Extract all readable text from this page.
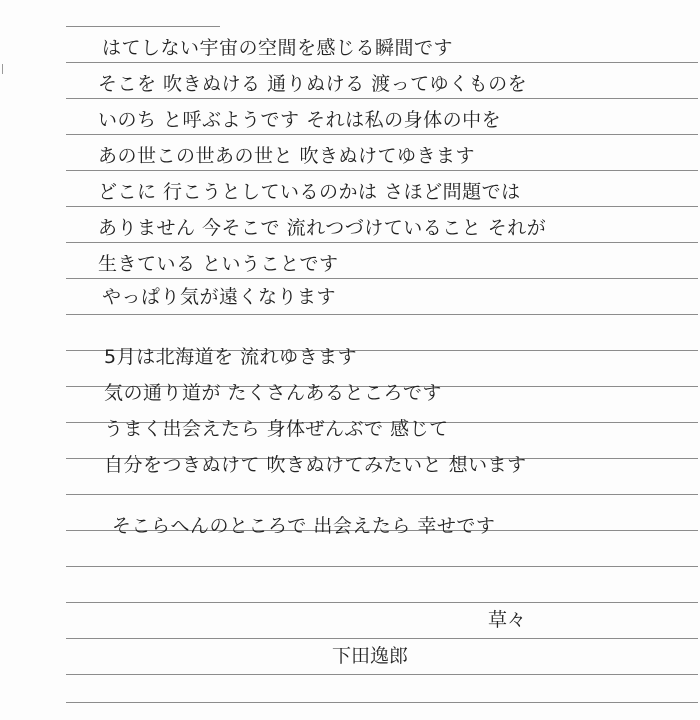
はてしない宇宙の空間を感じる瞬間です
そこを 吹きぬける 通りぬける 渡ってゆくものを
いのち と呼ぶようです それは私の身体の中を
あの世この世あの世と 吹きぬけてゆきます
どこに 行こうとしているのかは さほど問題では
ありません 今そこで 流れつづけていること それが
生きている ということです
やっぱり気が遠くなります
5月は北海道を 流れゆきます
気の通り道が たくさんあるところです
うまく出会えたら 身体ぜんぶで 感じて
自分をつきぬけて 吹きぬけてみたいと 想います
そこらへんのところで 出会えたら 幸せです
草々
下田逸郎
